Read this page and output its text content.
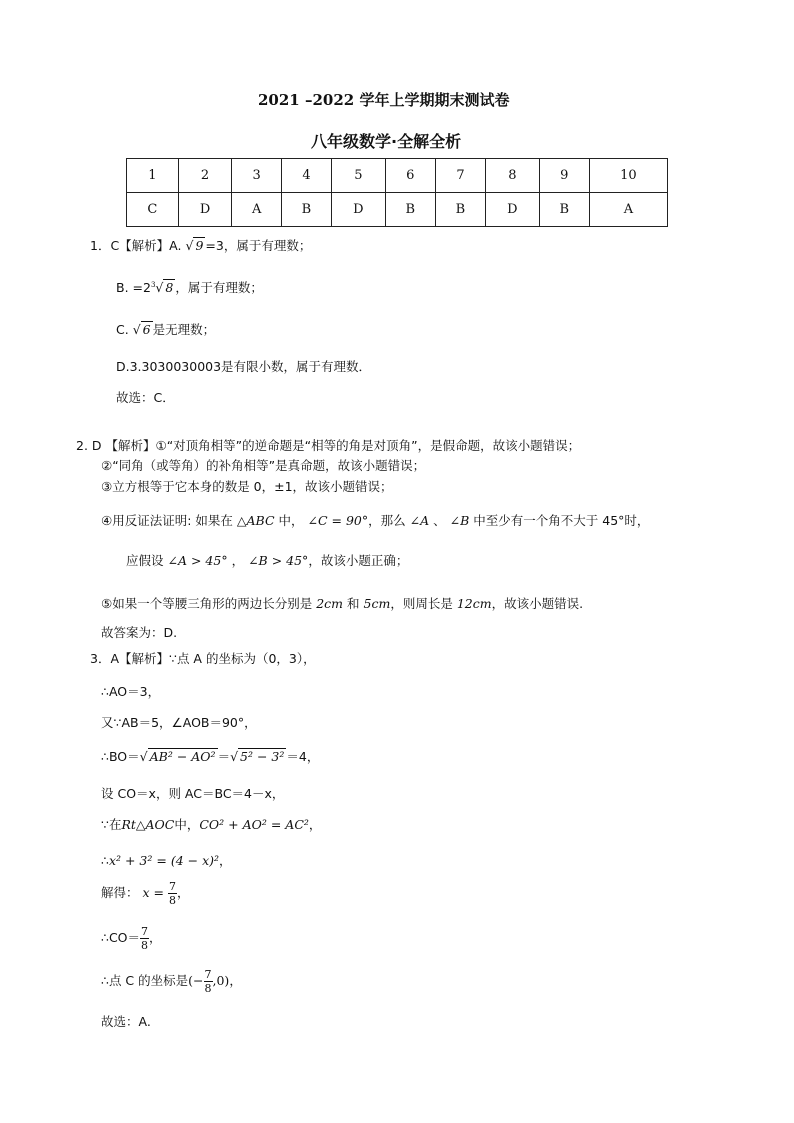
2021 –2022 学年上学期期末测试卷
八年级数学·全解全析
1	2	3	4	5	6	7	8	9	10
C	D	A	B	D	B	B	D	B	A
1．C【解析】A. √ 9 =3，属于有理数；
B. $=2^3√$ 8 ，属于有理数；
C. √ 6 是无理数；
D.3.3030030003是有限小数，属于有理数．
故选：C．
2. D 【解析】①“对顶角相等”的逆命题是“相等的角是对顶角”，是假命题，故该小题错误；
②“同角（或等角）的补角相等”是真命题，故该小题错误；
③立方根等于它本身的数是 0，±1，故该小题错误；
④用反证法证明: 如果在 △ABC 中， ∠C = 90°，那么 ∠A 、 ∠B 中至少有一个角不大于 45°时，
应假设 ∠A > 45° ， ∠B > 45°，故该小题正确；
⑤如果一个等腰三角形的两边长分别是 2cm 和 5cm，则周长是 12cm，故该小题错误.
故答案为：D.
3．A【解析】∵点 A 的坐标为（0，3），
∴AO＝3，
又∵AB＝5，∠AOB＝90°，
∴BO＝√ AB² − AO² ＝√ 5² − 3² ＝4，
设 CO＝x，则 AC＝BC＝4－x，
∵在Rt△AOC中，CO² + AO² = AC²，
∴x² + 3² = (4 − x)²，
解得： $x = \frac{7}{8}$ ，
∴CO＝ $\frac{7}{8}$ ，
∴点 C 的坐标是(− $\frac{7}{8} ,0$)，
故选：A.
